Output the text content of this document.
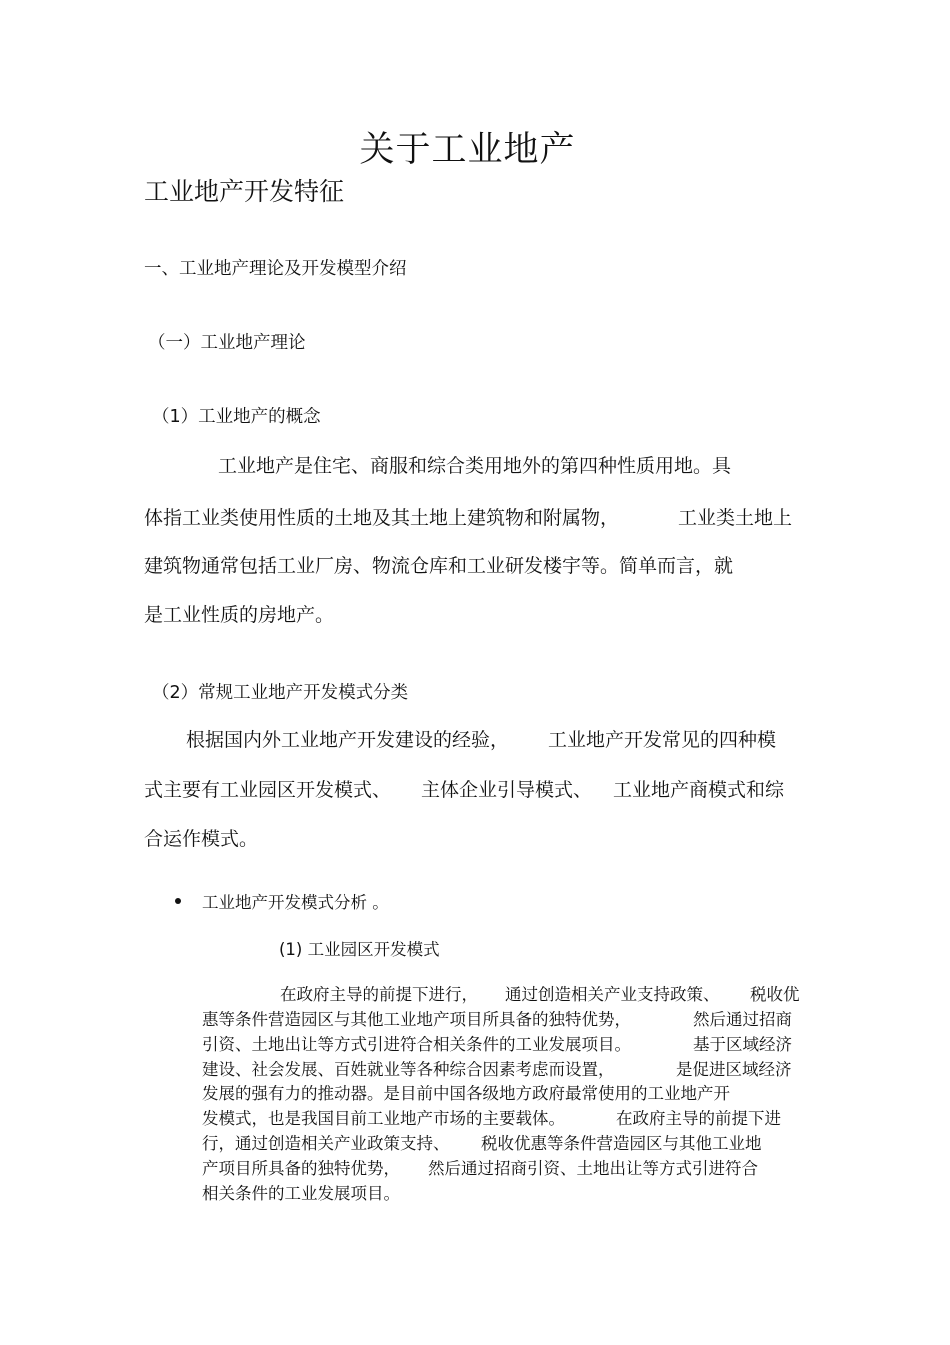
关于工业地产
工业地产开发特征
一、工业地产理论及开发模型介绍
（一）工业地产理论
（1）工业地产的概念
工业地产是住宅、商服和综合类用地外的第四种性质用地。具
体指工业类使用性质的土地及其土地上建筑物和附属物，	工业类土地上
建筑物通常包括工业厂房、物流仓库和工业研发楼宇等。简单而言，就
是工业性质的房地产。
（2）常规工业地产开发模式分类
根据国内外工业地产开发建设的经验， 工业地产开发常见的四种模
式主要有工业园区开发模式、 主体企业引导模式、 工业地产商模式和综
合运作模式。
工业地产开发模式分析 。
(1) 工业园区开发模式
在政府主导的前提下进行， 通过创造相关产业支持政策、 税收优
惠等条件营造园区与其他工业地产项目所具备的独特优势，	然后通过招商
引资、土地出让等方式引进符合相关条件的工业发展项目。	基于区域经济
建设、社会发展、百姓就业等各种综合因素考虑而设置，	是促进区域经济
发展的强有力的推动器。是目前中国各级地方政府最常使用的工业地产开
发模式，也是我国目前工业地产市场的主要载体。	在政府主导的前提下进
行，通过创造相关产业政策支持、 税收优惠等条件营造园区与其他工业地
产项目所具备的独特优势， 然后通过招商引资、土地出让等方式引进符合
相关条件的工业发展项目。
